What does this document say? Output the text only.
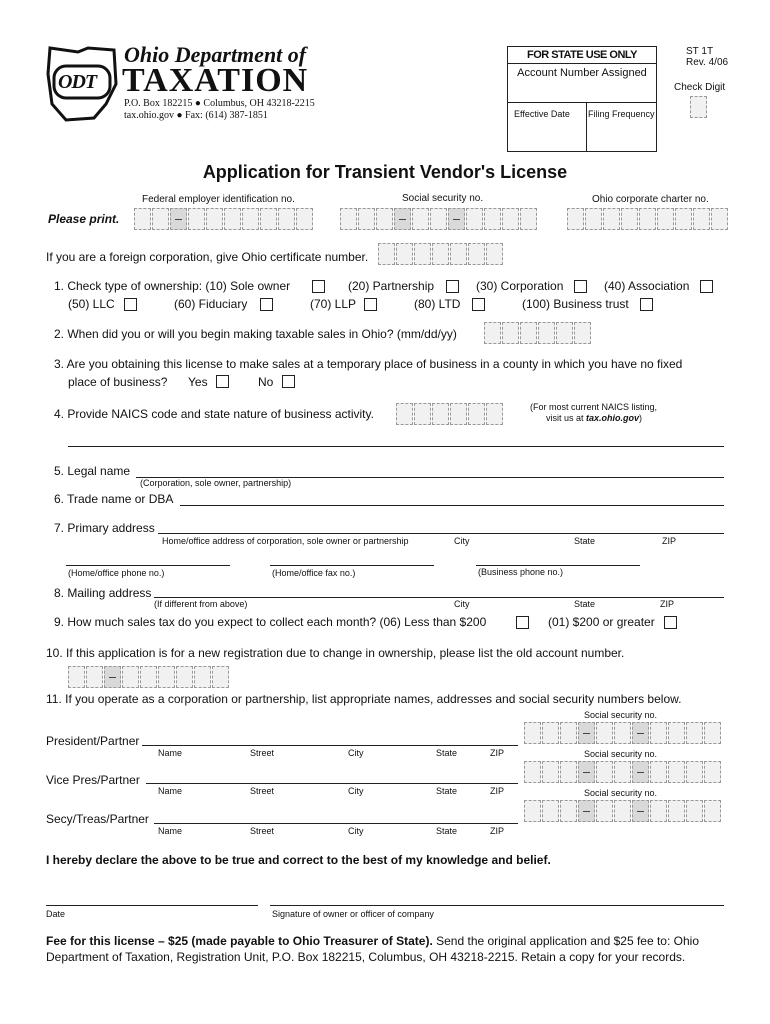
ODT
Ohio Department of
TAXATION
P.O. Box 182215 ● Columbus, OH 43218-2215
tax.ohio.gov ● Fax: (614) 387-1851
FOR STATE USE ONLY
Account Number Assigned
Effective Date Filing Frequency
ST 1T
Rev. 4/06
Check Digit
Application for Transient Vendor's License
Federal employer identification no.	Social security no.	Ohio corporate charter no.
Please print.
If you are a foreign corporation, give Ohio certificate number.
1. Check type of ownership: (10) Sole owner	(20) Partnership	(30) Corporation	(40) Association
(50) LLC	(60) Fiduciary	(70) LLP	(80) LTD	(100) Business trust
2. When did you or will you begin making taxable sales in Ohio? (mm/dd/yy)
3. Are you obtaining this license to make sales at a temporary place of business in a county in which you have no fixed
place of business? Yes	No
4. Provide NAICS code and state nature of business activity.	(For most current NAICS listing,
visit us at tax.ohio.gov)
5. Legal name
(Corporation, sole owner, partnership)
6. Trade name or DBA
7. Primary address
Home/office address of corporation, sole owner or partnership	City	State	ZIP
(Home/office phone no.)	(Home/office fax no.)	(Business phone no.)
8. Mailing address
(If different from above)	City	State	ZIP
9. How much sales tax do you expect to collect each month? (06) Less than $200	(01) $200 or greater
10. If this application is for a new registration due to change in ownership, please list the old account number.
11. If you operate as a corporation or partnership, list appropriate names, addresses and social security numbers below.
Social security no.
President/Partner
Name	Street	City	State	ZIP	Social security no.
Vice Pres/Partner
Name	Street	City	State	ZIP	Social security no.
Secy/Treas/Partner
Name	Street	City	State	ZIP
I hereby declare the above to be true and correct to the best of my knowledge and belief.
Date	Signature of owner or officer of company
Fee for this license – $25 (made payable to Ohio Treasurer of State). Send the original application and $25 fee to: Ohio
Department of Taxation, Registration Unit, P.O. Box 182215, Columbus, OH 43218-2215. Retain a copy for your records.
